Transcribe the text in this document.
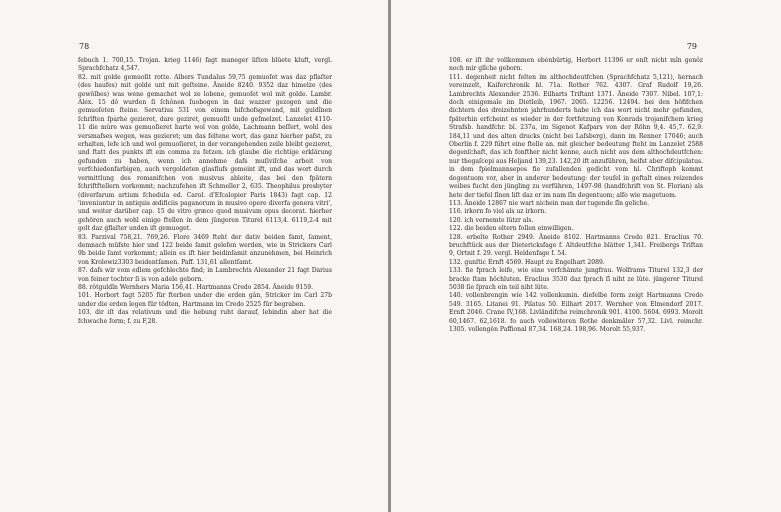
78

febuch 1. 700,15. Trojan. krieg 1146) fagt maneger liſten blüete kluft, vergl. Sprachfchatz 4,547.

82. mit golde gemuoſit rotte. Albers Tundalus 59,75 gemuoſet was daz pflaſter (des haufes) mit golde unt mit geſteine. Äneide 8240. 9352 daz himelze (des gewölbes) was wene gemachet wol ze lobene, gemuoſet wol mit golde. Lambr. Alex. 15 dô wurden ſi ſchônen ſuobogen in daz wazzer gezogen und die gemuoſeten ſteine. Servatius 531 von einem bifchofsgewand, mit guldînen ſchrîften ſparhe gezieret, dare geziret, gemuoſit unde geſmelzet. Lanzelet 4110-11 die mûre was gemuoſieret harte wol von golde, Lachmann beſſert, wohl des versmafses wegen, was gezieret; um das feltene wort, das ganz hierher pafst, zu erhalten, lefe ich und wol gemuoſieret, in der vorangehenden zeile bleibt gezieret, und ftatt des punkts ift ein comma zu fetzen. ich glaube die richtige erklärung gefunden zu haben, wenn ich annehme dafs muſiviſche arbeit von verfchiedenfarbigen, auch vergoldeten glasflufs gemeint ift, und das wort durch vermittlung des romanifchen von musivus ableite, das bei den fpätern fchriftftellern vorkommt; nachzufehen ift Schmeller 2, 635. Theophilus presbyter (diverfarum artium fchedula ed. Carol. d'Efcalopier Paris 1843) fagt cap. 12 'inveniuntur in antiquis ædificiis paganorum in musivo opere diverfa genera vitri', und weiter darüber cap. 15 de vitro græco quod musivum opus decorat. hierher gehören auch wohl einige ftellen in dem jüngeren Titurel 6113,4. 6119,2-4 mit golt daz ģflaſter unden iſt gemuoget.

83. Parzival 758,21. 769,26. Flore 3469 fteht der dativ beiden famt, ſament, demnach müfste hier und 122 beide ſamit gelefen werden, wie in Strickers Carl 9b beide ſamt vorkommt; allein es ift hier beidinſamit anzunehmen, bei Heinrich von Krolewiz3303 beidentſamen. Paff. 131,61 allentſamt.

87. dafs wir vom edlem gefchlechte find; in Lambrechts Alexander 21 fagt Darius von feiner tochter ſi is von adele geborn.

88. rôtguldîn Wernhers Maria 156,41. Hartmanns Credo 2854. Äneide 9159.

101. Herbort fagt 5205 für fterben under die erden gân, Stricker im Carl 27b under die erden legen für tödten, Hartmann im Credo 2525 für begraben.

103. dir iſt das relativum und die hebung ruht darauf, lebindin aber hat die fchwache form; f. zu F,28.

79

108. er iſt ihr vollkommen ebenbürtig, Herbort 11396 er enſt nicht mîn genôz noch mir glîche geborn.

111. degenheit nicht felten im althochdeutfchen (Sprachfchatz 5,121), hernach vereinzelt, Kaiferchronik bl. 71a. Rother 762. 4307. Graf Rudolf 19,26. Lambrechts Alexander 2536. Eilharts Triftant 1371. Äneide 7307. Nibel. 107,1: doch einigemale im Dietleib, 1967. 2065. 12256. 12494. bei den höfifchen dichtern des dreizehnten jahrhunderts habe ich das wort nicht mehr gefunden, fpäterhin erfcheint es wieder in der fortfetzung von Konrads trojanifchem krieg Strafsb. handfchr. bl. 237a, im Sigenot Kafpars von der Röhn 9,4. 45,7. 62,9. 184,11 und des alten drucks (nicht bei Lafsberg), dann im Renner 17046; auch Oberlin f. 229 führt eine ftelle an. mit gleicher bedeutung fteht im Lanzelet 2588 degenſchaft, das ich fonfther nicht kenne, auch nicht aus dem althochdeutfchen: nur thegaſcepi aus Heljand 139,23. 142,20 ift anzuführen, heifst aber difcipulatus. in dem fpielmannsepos fie zufallenden gedicht vom hl. Chriftoph kommt degentuom vor, aber in anderer bedeutung: der teufel in geftalt eines reizendes weibes fucht den jüngling zu verführen, 1497-98 (handfchrift von St. Florian) als hete der tiefel ſînen liſt daz er im nam ſîn degentuom; alfo wie magetuom.

113. Äneide 12867 nie wart nichein man der tugende ſîn geliche.

116. irkorn fo viel als uz irkorn.

120. ich vernemte lützr als.

122. die beiden eltern follen einwilligen.

128. erbeîte Rother 2949. Äneide 8102. Hartmanns Credo 821. Eraclius 70. bruchftück aus der Dietericksfage f. Altdeutfche blätter 1,341. Freibergs Triftan 9, Ortnit f. 29. vergl. Heldenfage f. 54.

132. gunſtic Ernft 4569. Haupt zu Engelhart 2089.

133. fie fprach leife, wie eine verfchämte jungfrau. Wolframs Titurel 132,3 der bracke ſtam höchluten. Eraclius 3530 daz ſprach ſî niht ze lûte. jüngerer Titurel 5038 ſie ſprach ein teil niht lûte.

140. vollenbrengin wie 142 vollenkumin. diefelbe form zeigt Hartmanns Credo 549. 3165. Litanei 91. Pilatus 50. Eilhart 2017. Wernher von Elmendorf 2017. Ernft 2046. Crane IV,168. Livländifche reimchronik 901. 4100. 5604. 6993. Morolt 60,1467. 62,1618. fo auch vollewiteren Rothe denkmäler 57,32. Livl. reimchr. 1305. vollengên Paffional 87,34. 168,24. 198,96. Morolt 55,937.
